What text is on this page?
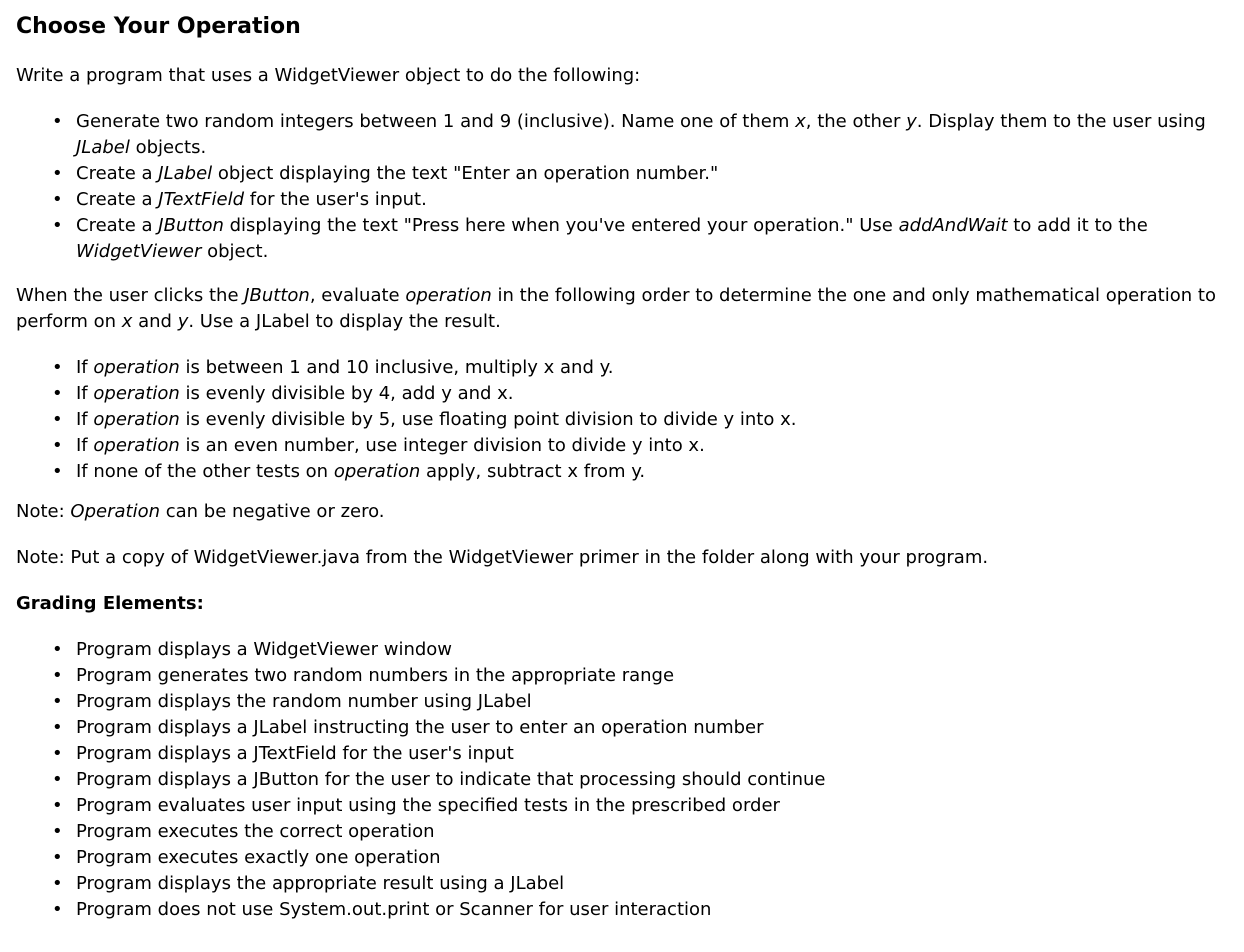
Choose Your Operation

Write a program that uses a WidgetViewer object to do the following:

• Generate two random integers between 1 and 9 (inclusive). Name one of them x, the other y. Display them to the user using JLabel objects.
• Create a JLabel object displaying the text "Enter an operation number."
• Create a JTextField for the user's input.
• Create a JButton displaying the text "Press here when you've entered your operation." Use addAndWait to add it to the WidgetViewer object.

When the user clicks the JButton, evaluate operation in the following order to determine the one and only mathematical operation to perform on x and y. Use a JLabel to display the result.

• If operation is between 1 and 10 inclusive, multiply x and y.
• If operation is evenly divisible by 4, add y and x.
• If operation is evenly divisible by 5, use floating point division to divide y into x.
• If operation is an even number, use integer division to divide y into x.
• If none of the other tests on operation apply, subtract x from y.

Note: Operation can be negative or zero.

Note: Put a copy of WidgetViewer.java from the WidgetViewer primer in the folder along with your program.

Grading Elements:

• Program displays a WidgetViewer window
• Program generates two random numbers in the appropriate range
• Program displays the random number using JLabel
• Program displays a JLabel instructing the user to enter an operation number
• Program displays a JTextField for the user's input
• Program displays a JButton for the user to indicate that processing should continue
• Program evaluates user input using the specified tests in the prescribed order
• Program executes the correct operation
• Program executes exactly one operation
• Program displays the appropriate result using a JLabel
• Program does not use System.out.print or Scanner for user interaction
